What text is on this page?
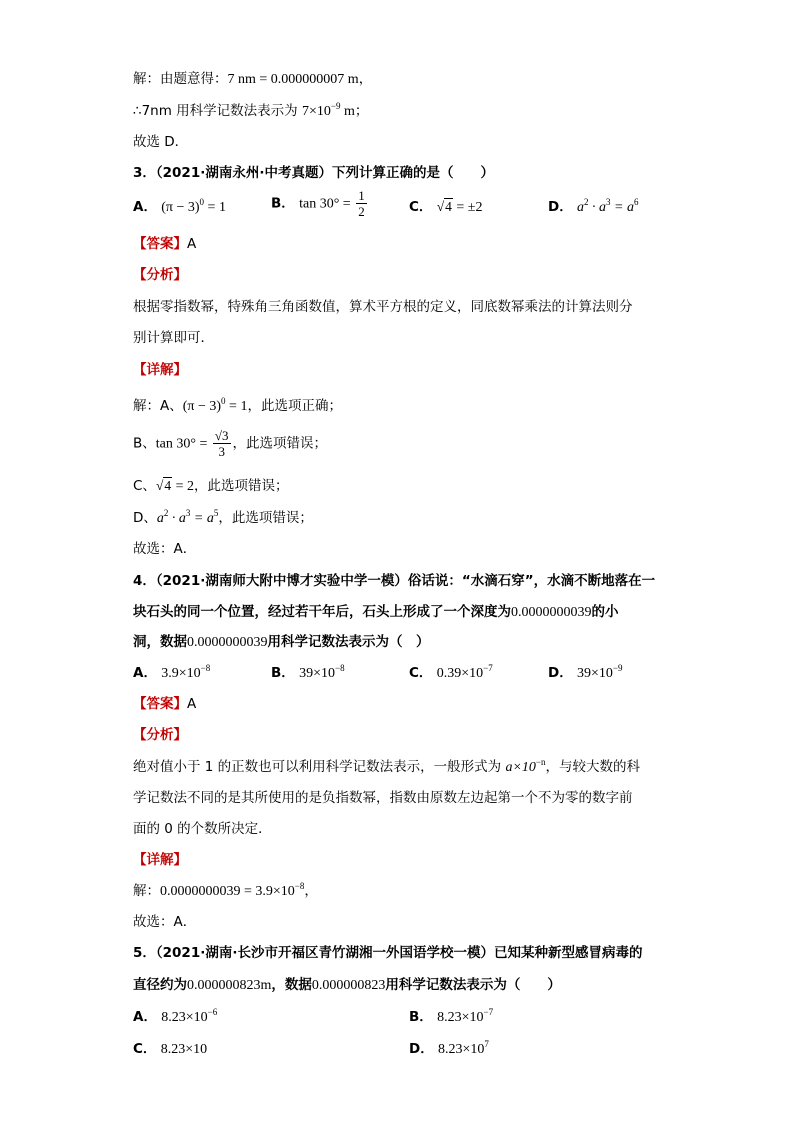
解：由题意得：7 nm = 0.000000007 m，
∴7nm 用科学记数法表示为 $7\times 10^{-9}$ m；
故选 D．
3．（2021·湖南永州·中考真题）下列计算正确的是（　　）
A． $(\pi - 3)^0 = 1$	B． $\tan 30^\circ = \frac{1}{2}$	C． √4 = ±2	D． $a^2 \cdot a^3 = a^6$
【答案】A
【分析】
根据零指数幂，特殊角三角函数值，算术平方根的定义，同底数幂乘法的计算法则分
别计算即可．
【详解】
解：A、$(\pi - 3)^0 = 1$，此选项正确；
B、$\tan 30^\circ = \frac{√3}{3}$ ，此选项错误；
C、√4 = 2，此选项错误；
D、$a^2 \cdot a^3 = a^5$，此选项错误；
故选：A．
4．（2021·湖南师大附中博才实验中学一模）俗话说：“水滴石穿”，水滴不断地落在一
块石头的同一个位置，经过若干年后，石头上形成了一个深度为0.0000000039的小
洞，数据0.0000000039用科学记数法表示为（　）
A． $3.9\times 10^{-8}$	B． $39\times 10^{-8}$	C． $0.39\times 10^{-7}$	D． $39\times 10^{-9}$
【答案】A
【分析】
绝对值小于 1 的正数也可以利用科学记数法表示，一般形式为 $a\times 10^{-n}$，与较大数的科
学记数法不同的是其所使用的是负指数幂，指数由原数左边起第一个不为零的数字前
面的 0 的个数所决定．
【详解】
解：$0.0000000039 = 3.9\times 10^{-8}$，
故选：A．
5．（2021·湖南·长沙市开福区青竹湖湘一外国语学校一模）已知某种新型感冒病毒的
直径约为0.000000823m，数据0.000000823用科学记数法表示为（　　）
A． $8.23\times 10^{-6}$	B． $8.23\times 10^{-7}$
C． 8.23×10	D． $8.23\times 10^7$
